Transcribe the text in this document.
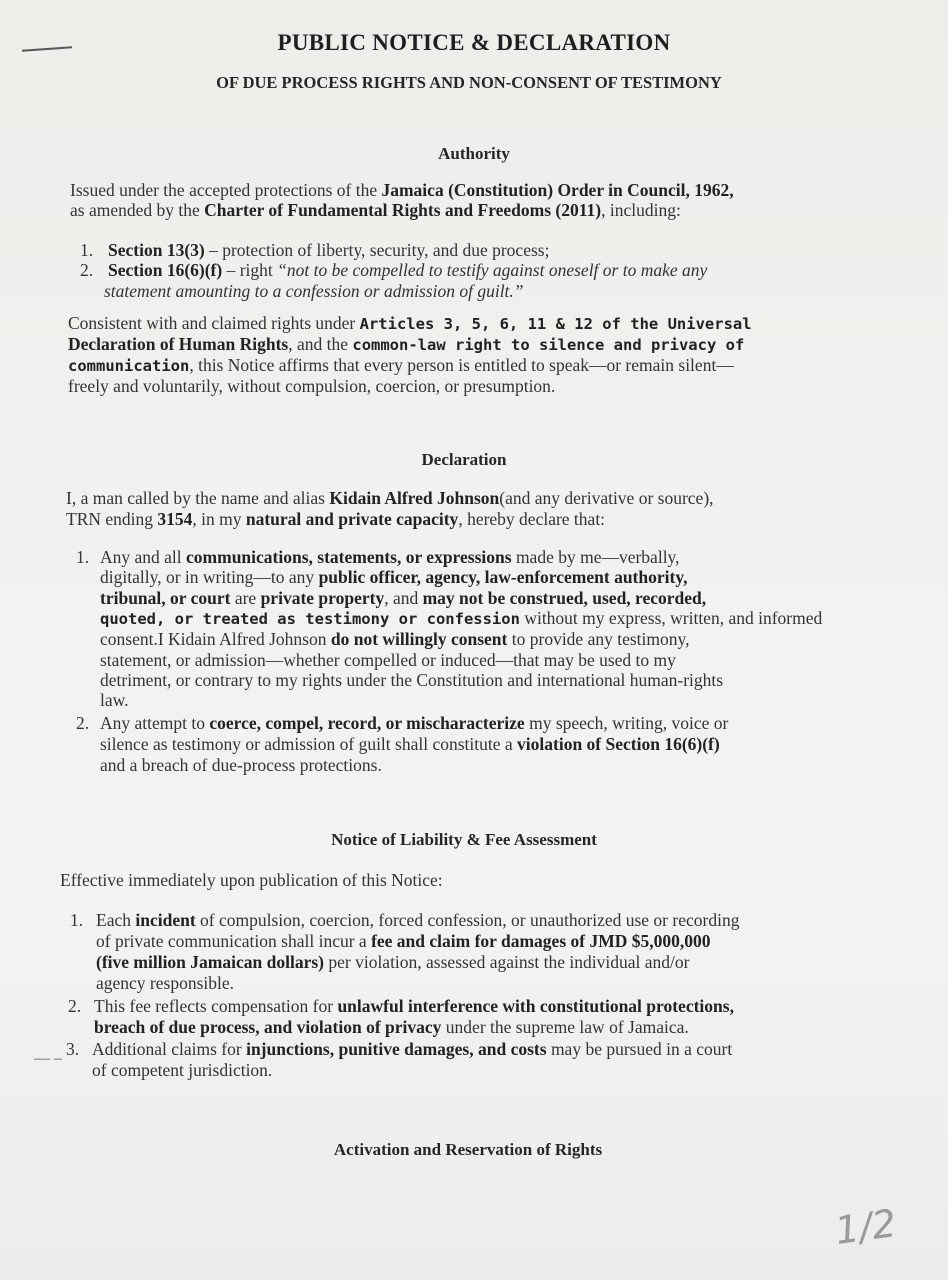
PUBLIC NOTICE & DECLARATION
OF DUE PROCESS RIGHTS AND NON-CONSENT OF TESTIMONY
Authority
Issued under the accepted protections of the Jamaica (Constitution) Order in Council, 1962,
as amended by the Charter of Fundamental Rights and Freedoms (2011), including:
1. Section 13(3) – protection of liberty, security, and due process;
2. Section 16(6)(f) – right “not to be compelled to testify against oneself or to make any
statement amounting to a confession or admission of guilt.”
Consistent with and claimed rights under Articles 3, 5, 6, 11 & 12 of the Universal
Declaration of Human Rights, and the common-law right to silence and privacy of
communication, this Notice affirms that every person is entitled to speak—or remain silent—
freely and voluntarily, without compulsion, coercion, or presumption.
Declaration
I, a man called by the name and alias Kidain Alfred Johnson(and any derivative or source),
TRN ending 3154, in my natural and private capacity, hereby declare that:
1. Any and all communications, statements, or expressions made by me—verbally,
digitally, or in writing—to any public officer, agency, law-enforcement authority,
tribunal, or court are private property, and may not be construed, used, recorded,
quoted, or treated as testimony or confession without my express, written, and informed
consent.I Kidain Alfred Johnson do not willingly consent to provide any testimony,
statement, or admission—whether compelled or induced—that may be used to my
detriment, or contrary to my rights under the Constitution and international human-rights
law.
2. Any attempt to coerce, compel, record, or mischaracterize my speech, writing, voice or
silence as testimony or admission of guilt shall constitute a violation of Section 16(6)(f)
and a breach of due-process protections.
Notice of Liability & Fee Assessment
Effective immediately upon publication of this Notice:
1. Each incident of compulsion, coercion, forced confession, or unauthorized use or recording
of private communication shall incur a fee and claim for damages of JMD $5,000,000
(five million Jamaican dollars) per violation, assessed against the individual and/or
agency responsible.
2. This fee reflects compensation for unlawful interference with constitutional protections,
breach of due process, and violation of privacy under the supreme law of Jamaica.
— – 3. Additional claims for injunctions, punitive damages, and costs may be pursued in a court
of competent jurisdiction.
Activation and Reservation of Rights
1/2
